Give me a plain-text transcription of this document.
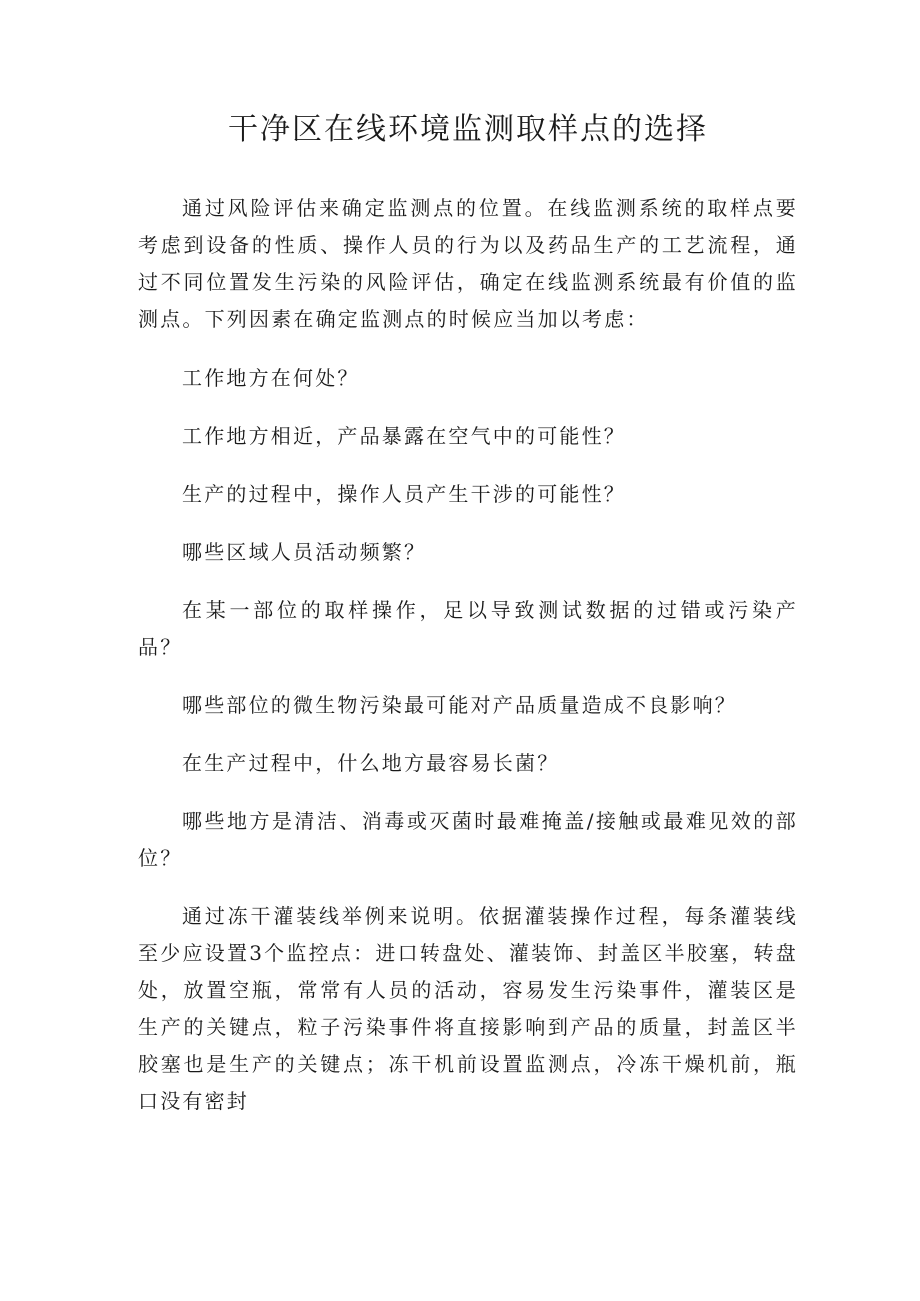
干净区在线环境监测取样点的选择

通过风险评估来确定监测点的位置。在线监测系统的取样点要考虑到设备的性质、操作人员的行为以及药品生产的工艺流程，通过不同位置发生污染的风险评估，确定在线监测系统最有价值的监测点。下列因素在确定监测点的时候应当加以考虑：

工作地方在何处？

工作地方相近，产品暴露在空气中的可能性？

生产的过程中，操作人员产生干涉的可能性？

哪些区域人员活动频繁？

在某一部位的取样操作，足以导致测试数据的过错或污染产品？

哪些部位的微生物污染最可能对产品质量造成不良影响？

在生产过程中，什么地方最容易长菌？

哪些地方是清洁、消毒或灭菌时最难掩盖/接触或最难见效的部位？

通过冻干灌装线举例来说明。依据灌装操作过程，每条灌装线至少应设置3个监控点：进口转盘处、灌装饰、封盖区半胶塞，转盘处，放置空瓶，常常有人员的活动，容易发生污染事件，灌装区是生产的关键点，粒子污染事件将直接影响到产品的质量，封盖区半胶塞也是生产的关键点；冻干机前设置监测点，冷冻干燥机前，瓶口没有密封
